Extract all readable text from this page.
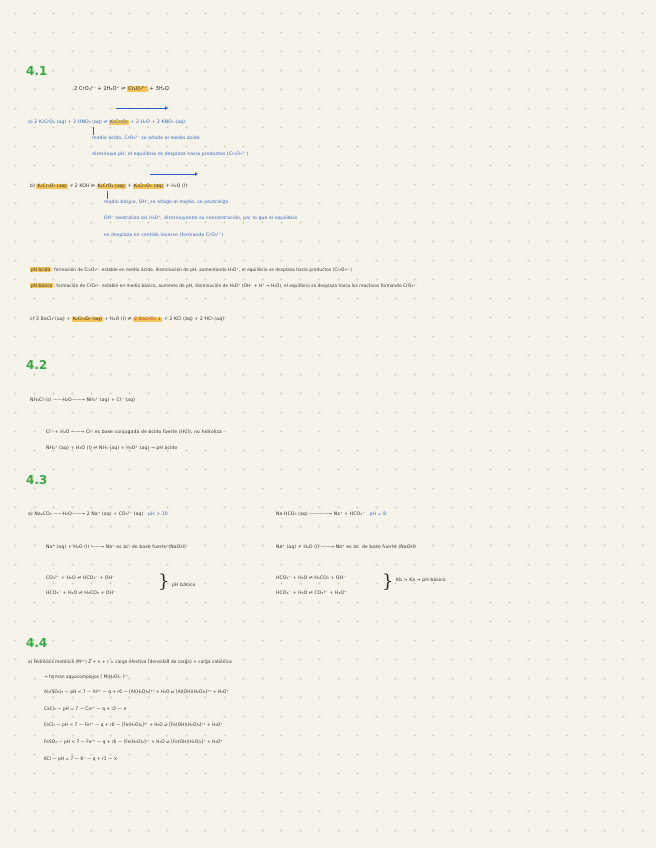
4.1
2 CrO₄²⁻ + 2H₃O⁺ ⇌ Cr₂O₇²⁻ + 3H₂O
a) 2 K₂CrO₄ (aq) + 2 HNO₃ (aq) ⇌ K₂Cr₂O₇ + 2 H₂O + 2 KNO₃ (aq)
medio ácido, CrO₄²⁻ se añade al medio ácido
disminuye pH, el equilibrio se desplaza hacia productos (Cr₂O₇²⁻)
b) K₂Cr₂O₇ (aq) + 2 KOH ⇌ K₂CrO₄ (aq) + K₂Cr₂O₇ (aq) + H₂O (l)
medio básico, OH⁻ se añade al medio, se neutraliza
OH⁻ neutraliza los H₃O⁺, disminuyendo su concentración, por lo que el equilibrio
se desplaza en sentido inverso (formando CrO₄²⁻)
pH ácido: formación de Cr₂O₇²⁻ estable en medio ácido, disminución de pH, aumentando H₃O⁺, el equilibrio se desplaza hacia productos (Cr₂O₇²⁻)
pH básico: formación de CrO₄²⁻ estable en medio básico, aumento de pH, disminución de H₃O⁺ (OH⁻ + H⁺ → H₂O), el equilibrio se desplaza hacia los reactivos formando CrO₄²⁻
c) 2 BaCl₂ (aq) + K₂Cr₂O₇ (aq) + H₂O (l) ⇌ 2 BaCrO₄ ↓ + 2 KCl (aq) + 2 HCl (aq)
4.2
NH₄Cl (s) ——H₂O——→ NH₄⁺ (aq) + Cl⁻ (aq)
Cl⁻ + H₂O ——→ Cl⁻ es base conjugada de ácido fuerte (HCl), no hidroliza
NH₄⁺ (aq) + H₂O (l) ⇌ NH₃ (aq) + H₃O⁺ (aq) → pH ácido
4.3
a) Na₂CO₃ ——H₂O——→ 2 Na⁺ (aq) + CO₃²⁻ (aq) pH > 10	Na HCO₃ (aq) ————→ Na⁺ + HCO₃⁻ pH = 8
Na⁺ (aq) + H₂O (l) ——→ Na⁺ es ác. de base fuerte (NaOH)	Na⁺ (aq) + H₂O (l) ——→ Na⁺ es ác. de base fuerte (NaOH)
CO₃²⁻ + H₂O ⇌ HCO₃⁻ + OH⁻
HCO₃⁻ + H₂O ⇌ H₂CO₃ + OH⁻
} pH básico
HCO₃⁻ + H₂O ⇌ H₂CO₃ + OH⁻
HCO₃⁻ + H₂O ⇌ CO₃²⁻ + H₃O⁺
} Kb > Ka → pH básico
4.4
a) Hidrólisis metálica (M³⁺) Z + n + r = carga efectiva (densidad de carga) + carga catiónica
→ forman aquocomplejos [ M(H₂O)ₙ ]ᶻ⁺
Al₂(SO₄)₃ — pH < 7 — Al³⁺ — q + r6 — [Al(H₂O)₆]³⁺ + H₂O ⇌ [Al(OH)(H₂O)₅]²⁺ + H₃O⁺
CaCl₂ — pH = 7 — Ca²⁺ — q + r2 — ✕
FeCl₃ — pH < 7 — Fe³⁺ — q + r6 — [Fe(H₂O)₆]³⁺ + H₂O ⇌ [Fe(OH)(H₂O)₅]²⁺ + H₃O⁺
FeSO₄ — pH < 7 — Fe²⁺ — q + r6 — [Fe(H₂O)₆]²⁺ + H₂O ⇌ [Fe(OH)(H₂O)₅]⁺ + H₃O⁺
KCl — pH = 7 — K⁺ — q + r1 — ✕
